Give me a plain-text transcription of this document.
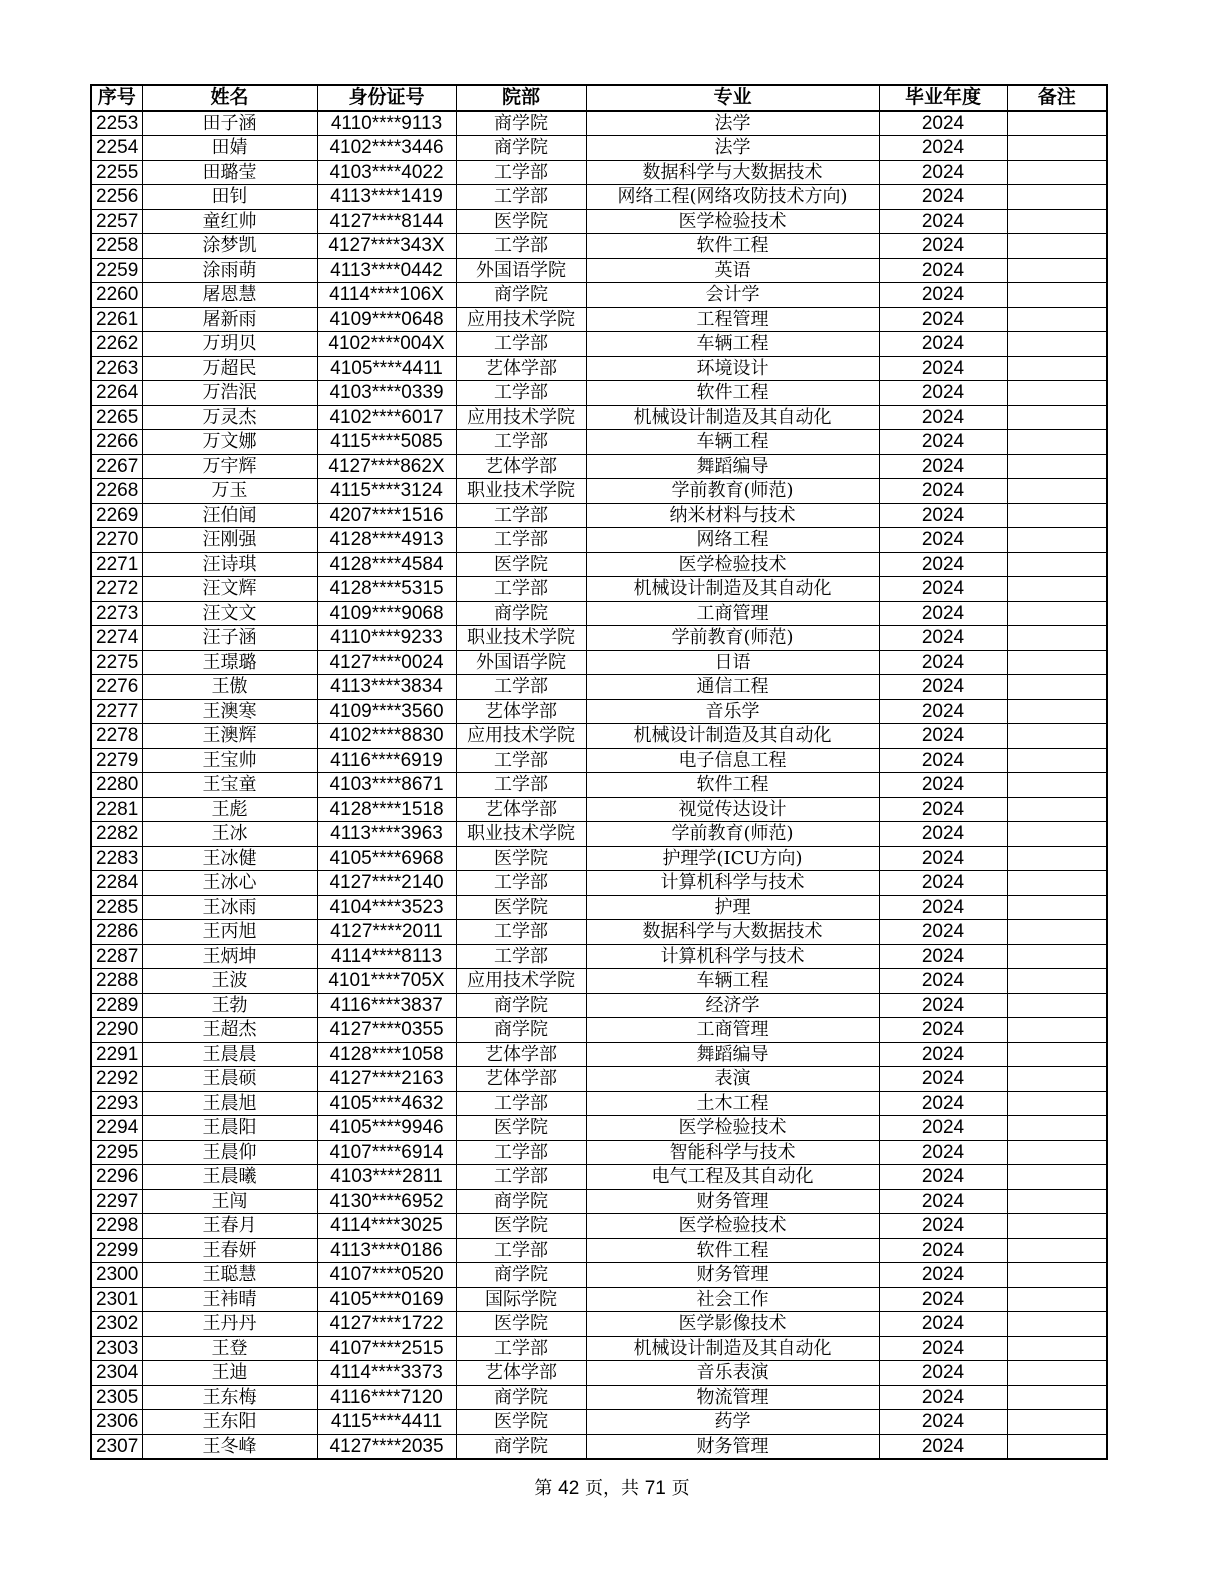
序号	姓名	身份证号	院部	专业	毕业年度	备注
2253	田子涵	4110****9113	商学院	法学	2024	
2254	田婧	4102****3446	商学院	法学	2024	
2255	田璐莹	4103****4022	工学部	数据科学与大数据技术	2024	
2256	田钊	4113****1419	工学部	网络工程(网络攻防技术方向)	2024	
2257	童红帅	4127****8144	医学院	医学检验技术	2024	
2258	涂梦凯	4127****343X	工学部	软件工程	2024	
2259	涂雨萌	4113****0442	外国语学院	英语	2024	
2260	屠恩慧	4114****106X	商学院	会计学	2024	
2261	屠新雨	4109****0648	应用技术学院	工程管理	2024	
2262	万玥贝	4102****004X	工学部	车辆工程	2024	
2263	万超民	4105****4411	艺体学部	环境设计	2024	
2264	万浩泯	4103****0339	工学部	软件工程	2024	
2265	万灵杰	4102****6017	应用技术学院	机械设计制造及其自动化	2024	
2266	万文娜	4115****5085	工学部	车辆工程	2024	
2267	万宇辉	4127****862X	艺体学部	舞蹈编导	2024	
2268	万玉	4115****3124	职业技术学院	学前教育(师范)	2024	
2269	汪伯闻	4207****1516	工学部	纳米材料与技术	2024	
2270	汪刚强	4128****4913	工学部	网络工程	2024	
2271	汪诗琪	4128****4584	医学院	医学检验技术	2024	
2272	汪文辉	4128****5315	工学部	机械设计制造及其自动化	2024	
2273	汪文文	4109****9068	商学院	工商管理	2024	
2274	汪子涵	4110****9233	职业技术学院	学前教育(师范)	2024	
2275	王璟璐	4127****0024	外国语学院	日语	2024	
2276	王傲	4113****3834	工学部	通信工程	2024	
2277	王澳寒	4109****3560	艺体学部	音乐学	2024	
2278	王澳辉	4102****8830	应用技术学院	机械设计制造及其自动化	2024	
2279	王宝帅	4116****6919	工学部	电子信息工程	2024	
2280	王宝童	4103****8671	工学部	软件工程	2024	
2281	王彪	4128****1518	艺体学部	视觉传达设计	2024	
2282	王冰	4113****3963	职业技术学院	学前教育(师范)	2024	
2283	王冰健	4105****6968	医学院	护理学(ICU方向)	2024	
2284	王冰心	4127****2140	工学部	计算机科学与技术	2024	
2285	王冰雨	4104****3523	医学院	护理	2024	
2286	王丙旭	4127****2011	工学部	数据科学与大数据技术	2024	
2287	王炳坤	4114****8113	工学部	计算机科学与技术	2024	
2288	王波	4101****705X	应用技术学院	车辆工程	2024	
2289	王勃	4116****3837	商学院	经济学	2024	
2290	王超杰	4127****0355	商学院	工商管理	2024	
2291	王晨晨	4128****1058	艺体学部	舞蹈编导	2024	
2292	王晨硕	4127****2163	艺体学部	表演	2024	
2293	王晨旭	4105****4632	工学部	土木工程	2024	
2294	王晨阳	4105****9946	医学院	医学检验技术	2024	
2295	王晨仰	4107****6914	工学部	智能科学与技术	2024	
2296	王晨曦	4103****2811	工学部	电气工程及其自动化	2024	
2297	王闯	4130****6952	商学院	财务管理	2024	
2298	王春月	4114****3025	医学院	医学检验技术	2024	
2299	王春妍	4113****0186	工学部	软件工程	2024	
2300	王聪慧	4107****0520	商学院	财务管理	2024	
2301	王袆晴	4105****0169	国际学院	社会工作	2024	
2302	王丹丹	4127****1722	医学院	医学影像技术	2024	
2303	王登	4107****2515	工学部	机械设计制造及其自动化	2024	
2304	王迪	4114****3373	艺体学部	音乐表演	2024	
2305	王东梅	4116****7120	商学院	物流管理	2024	
2306	王东阳	4115****4411	医学院	药学	2024	
2307	王冬峰	4127****2035	商学院	财务管理	2024	
第 42 页，共 71 页
